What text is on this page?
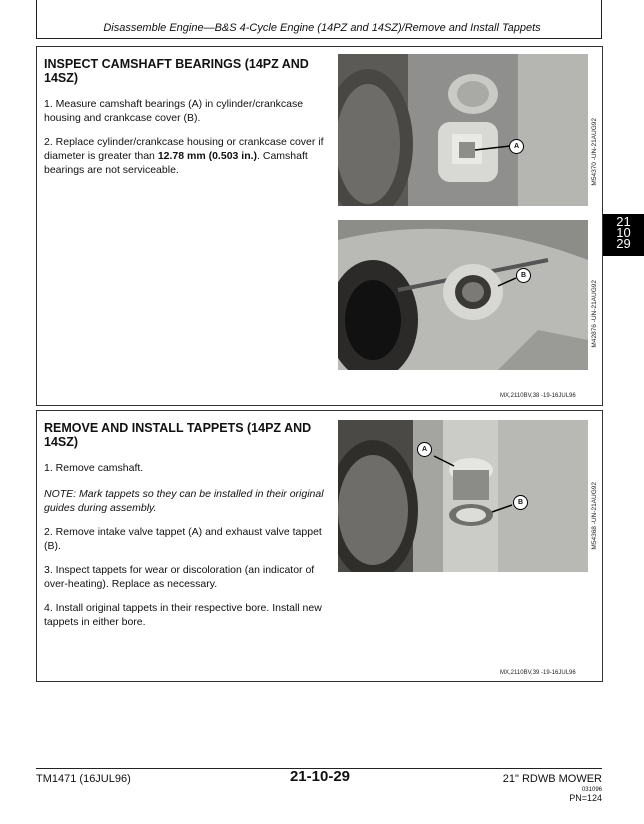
Disassemble Engine—B&S 4-Cycle Engine (14PZ and 14SZ)/Remove and Install Tappets
INSPECT CAMSHAFT BEARINGS (14PZ AND 14SZ)
1. Measure camshaft bearings (A) in cylinder/crankcase housing and crankcase cover (B).
2. Replace cylinder/crankcase housing or crankcase cover if diameter is greater than 12.78 mm (0.503 in.). Camshaft bearings are not serviceable.
A	M54370 -UN-21AUG92
B
M42876 -UN-21AUG92
MX,2110BV,38 -19-16JUL96
21
10
29
REMOVE AND INSTALL TAPPETS (14PZ AND 14SZ)
1. Remove camshaft.
NOTE: Mark tappets so they can be installed in their original guides during assembly.
2. Remove intake valve tappet (A) and exhaust valve tappet (B).
3. Inspect tappets for wear or discoloration (an indicator of over-heating). Replace as necessary.
4. Install original tappets in their respective bore. Install new tappets in either bore.
A
B	M54368 -UN-21AUG92
MX,2110BV,39 -19-16JUL96
TM1471 (16JUL96)	21-10-29	21" RDWB MOWER
031096
PN=124
